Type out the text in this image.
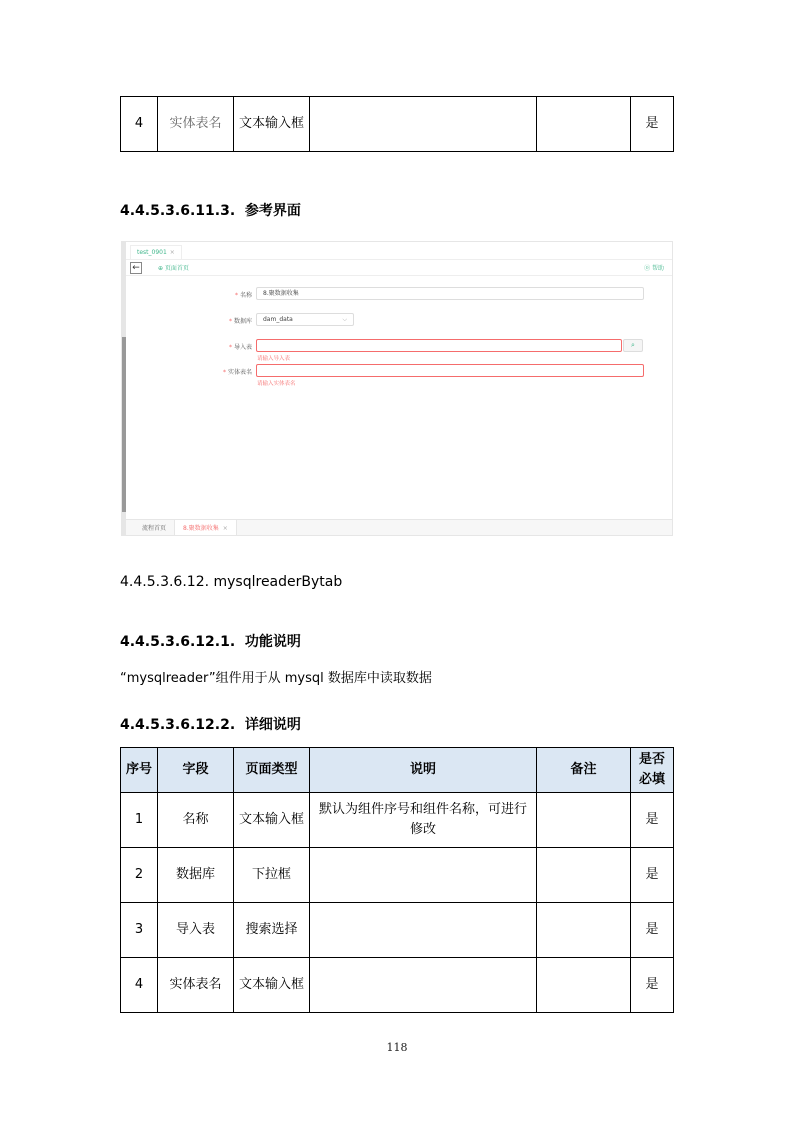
4	实体表名	文本输入框			是
4.4.5.3.6.11.3.  参考界面
test_0901 ×
←	⊕ 页面首页	⓪ 帮助
* 名称	8.聚数据收集
* 数据库	dam_data	⌵
* 导入表	⌕
请输入导入表
* 实体表名
请输入实体表名
流程首页	8.聚数据收集 ×
4.4.5.3.6.12. mysqlreaderBytab
4.4.5.3.6.12.1.  功能说明
“mysqlreader”组件用于从 mysql 数据库中读取数据
4.4.5.3.6.12.2.  详细说明
序号	字段	页面类型	说明	备注	是否必填
1	名称	文本输入框	默认为组件序号和组件名称，可进行修改		是
2	数据库	下拉框			是
3	导入表	搜索选择			是
4	实体表名	文本输入框			是
118
